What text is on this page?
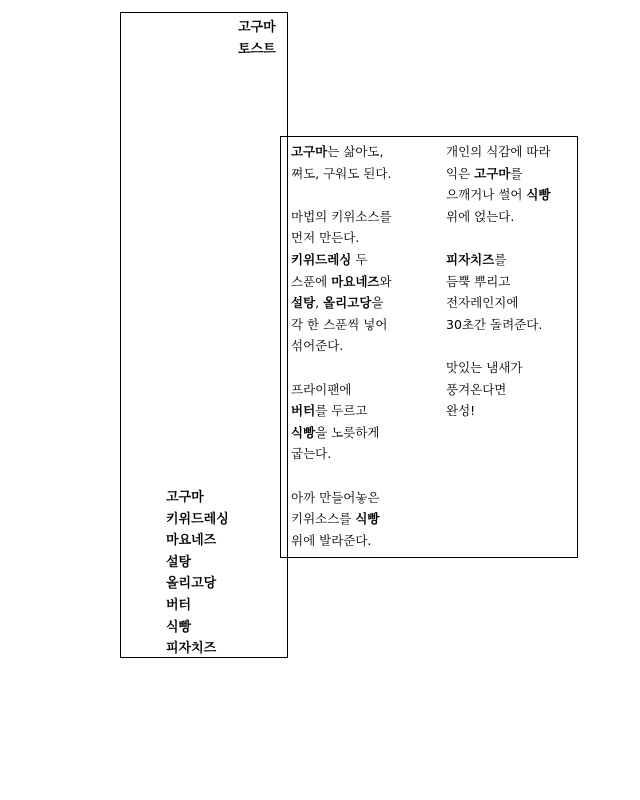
고구마
토스트
고구마
키위드레싱
마요네즈
설탕
올리고당
버터
식빵
피자치즈
고구마는 삶아도,
쪄도, 구워도 된다.
마법의 키위소스를
먼저 만든다.
키위드레싱 두
스푼에 마요네즈와
설탕, 올리고당을
각 한 스푼씩 넣어
섞어준다.
프라이팬에
버터를 두르고
식빵을 노릇하게
굽는다.
아까 만들어놓은
키위소스를 식빵
위에 발라준다.
개인의 식감에 따라
익은 고구마를
으깨거나 썰어 식빵
위에 얹는다.
피자치즈를
듬뿍 뿌리고
전자레인지에
30초간 돌려준다.
맛있는 냄새가
풍겨온다면
완성!
